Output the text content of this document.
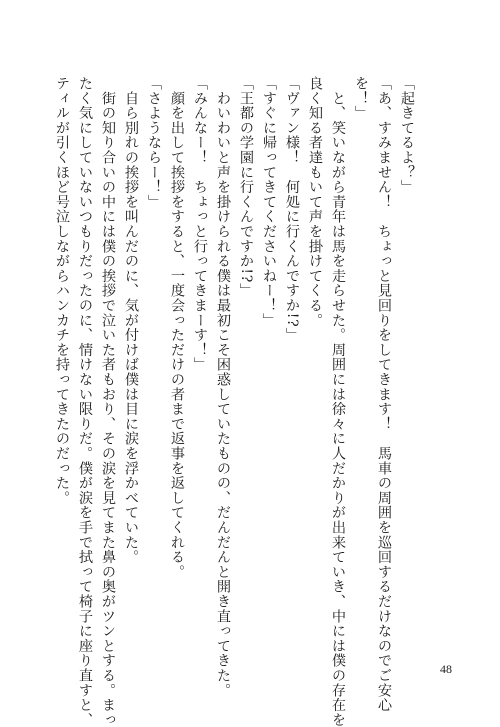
「起きてるよ？」
「あ、すみません！　ちょっと見回りをしてきます！　馬車の周囲を巡回するだけなのでご安心
を！」
　と、笑いながら青年は馬を走らせた。周囲には徐々に人だかりが出来ていき、中には僕の存在を
良く知る者達もいて声を掛けてくる。
「ヴァン様！　何処に行くんですか!?」
「すぐに帰ってきてくださいねー！」
「王都の学園に行くんですか!?」
　わいわいと声を掛けられる僕は最初こそ困惑していたものの、だんだんと開き直ってきた。
「みんなー！　ちょっと行ってきまーす！」
　顔を出して挨拶をすると、一度会っただけの者まで返事を返してくれる。
「さようならー！」
　自ら別れの挨拶を叫んだのに、気が付けば僕は目に涙を浮かべていた。
　街の知り合いの中には僕の挨拶で泣いた者もおり、その涙を見てまた鼻の奥がツンとする。まっ
たく気にしていないつもりだったのに、情けない限りだ。僕が涙を手で拭って椅子に座り直すと、
ティルが引くほど号泣しながらハンカチを持ってきたのだった。
48
